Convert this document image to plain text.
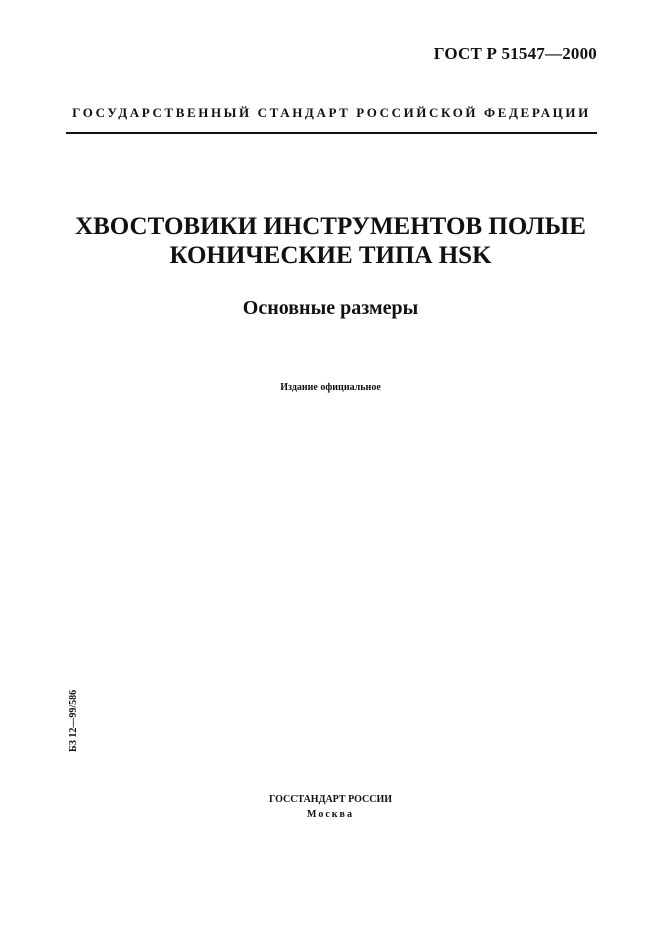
ГОСТ Р 51547—2000
ГОСУДАРСТВЕННЫЙ СТАНДАРТ РОССИЙСКОЙ ФЕДЕРАЦИИ
ХВОСТОВИКИ ИНСТРУМЕНТОВ ПОЛЫЕ
КОНИЧЕСКИЕ ТИПА HSK
Основные размеры
Издание официальное
БЗ 12—99/586
ГОССТАНДАРТ РОССИИ
Москва
